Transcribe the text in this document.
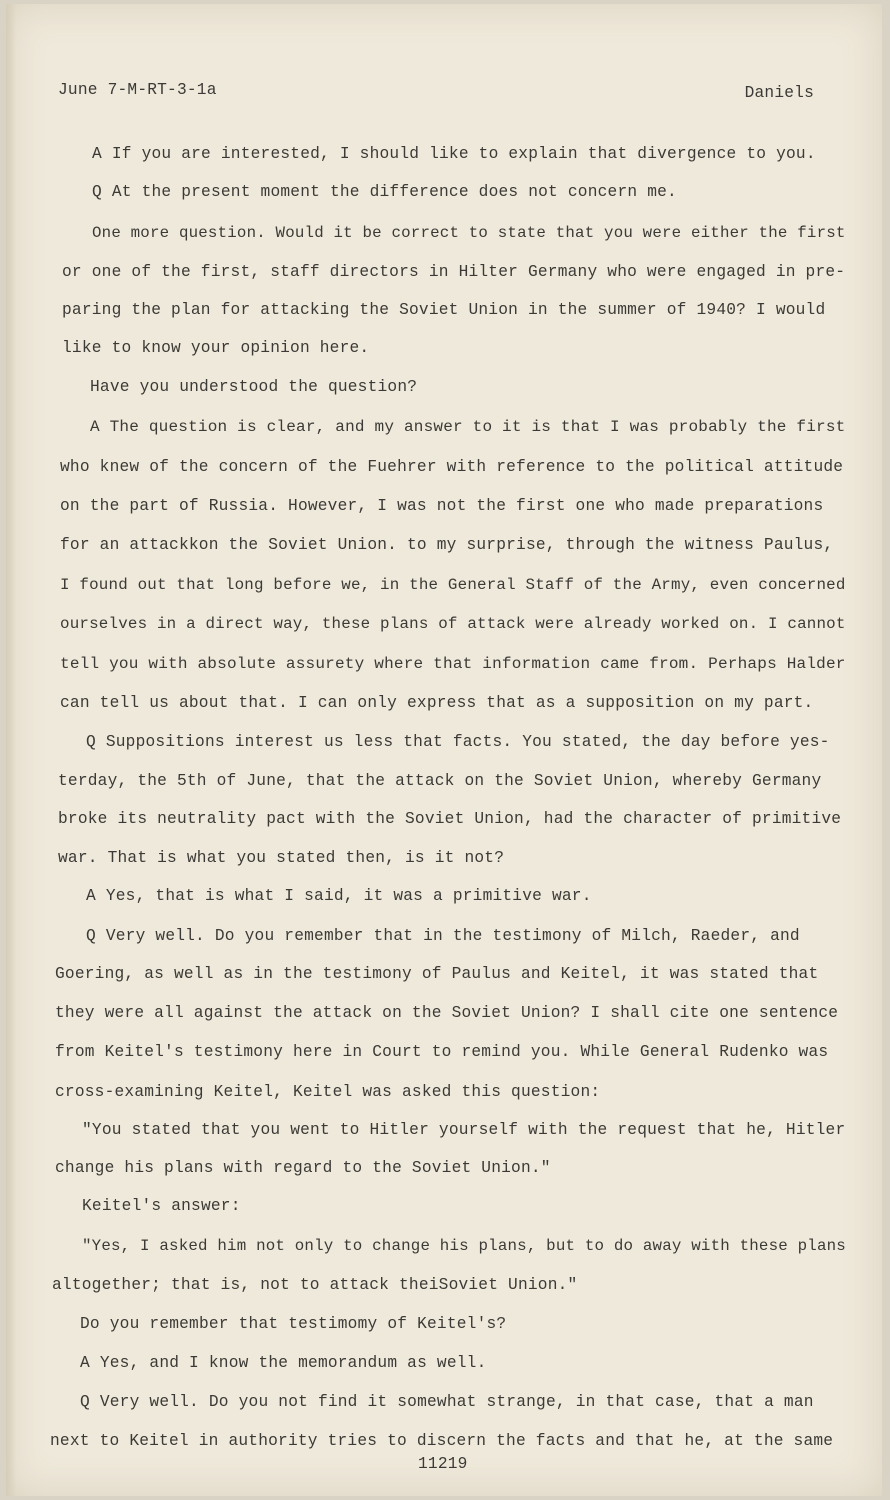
June 7-M-RT-3-1a	Daniels
A If you are interested, I should like to explain that divergence to you.
Q At the present moment the difference does not concern me.
One more question. Would it be correct to state that you were either the first
or one of the first, staff directors in Hilter Germany who were engaged in pre-
paring the plan for attacking the Soviet Union in the summer of 1940? I would
like to know your opinion here.
Have you understood the question?
A The question is clear, and my answer to it is that I was probably the first
who knew of the concern of the Fuehrer with reference to the political attitude
on the part of Russia. However, I was not the first one who made preparations
for an attackkon the Soviet Union. to my surprise, through the witness Paulus,
I found out that long before we, in the General Staff of the Army, even concerned
ourselves in a direct way, these plans of attack were already worked on. I cannot
tell you with absolute assurety where that information came from. Perhaps Halder
can tell us about that. I can only express that as a supposition on my part.
Q Suppositions interest us less that facts. You stated, the day before yes-
terday, the 5th of June, that the attack on the Soviet Union, whereby Germany
broke its neutrality pact with the Soviet Union, had the character of primitive
war. That is what you stated then, is it not?
A Yes, that is what I said, it was a primitive war.
Q Very well. Do you remember that in the testimony of Milch, Raeder, and
Goering, as well as in the testimony of Paulus and Keitel, it was stated that
they were all against the attack on the Soviet Union? I shall cite one sentence
from Keitel's testimony here in Court to remind you. While General Rudenko was
cross-examining Keitel, Keitel was asked this question:
"You stated that you went to Hitler yourself with the request that he, Hitler
change his plans with regard to the Soviet Union."
Keitel's answer:
"Yes, I asked him not only to change his plans, but to do away with these plans
altogether; that is, not to attack theiSoviet Union."
Do you remember that testimomy of Keitel's?
A Yes, and I know the memorandum as well.
Q Very well. Do you not find it somewhat strange, in that case, that a man
next to Keitel in authority tries to discern the facts and that he, at the same
11219
